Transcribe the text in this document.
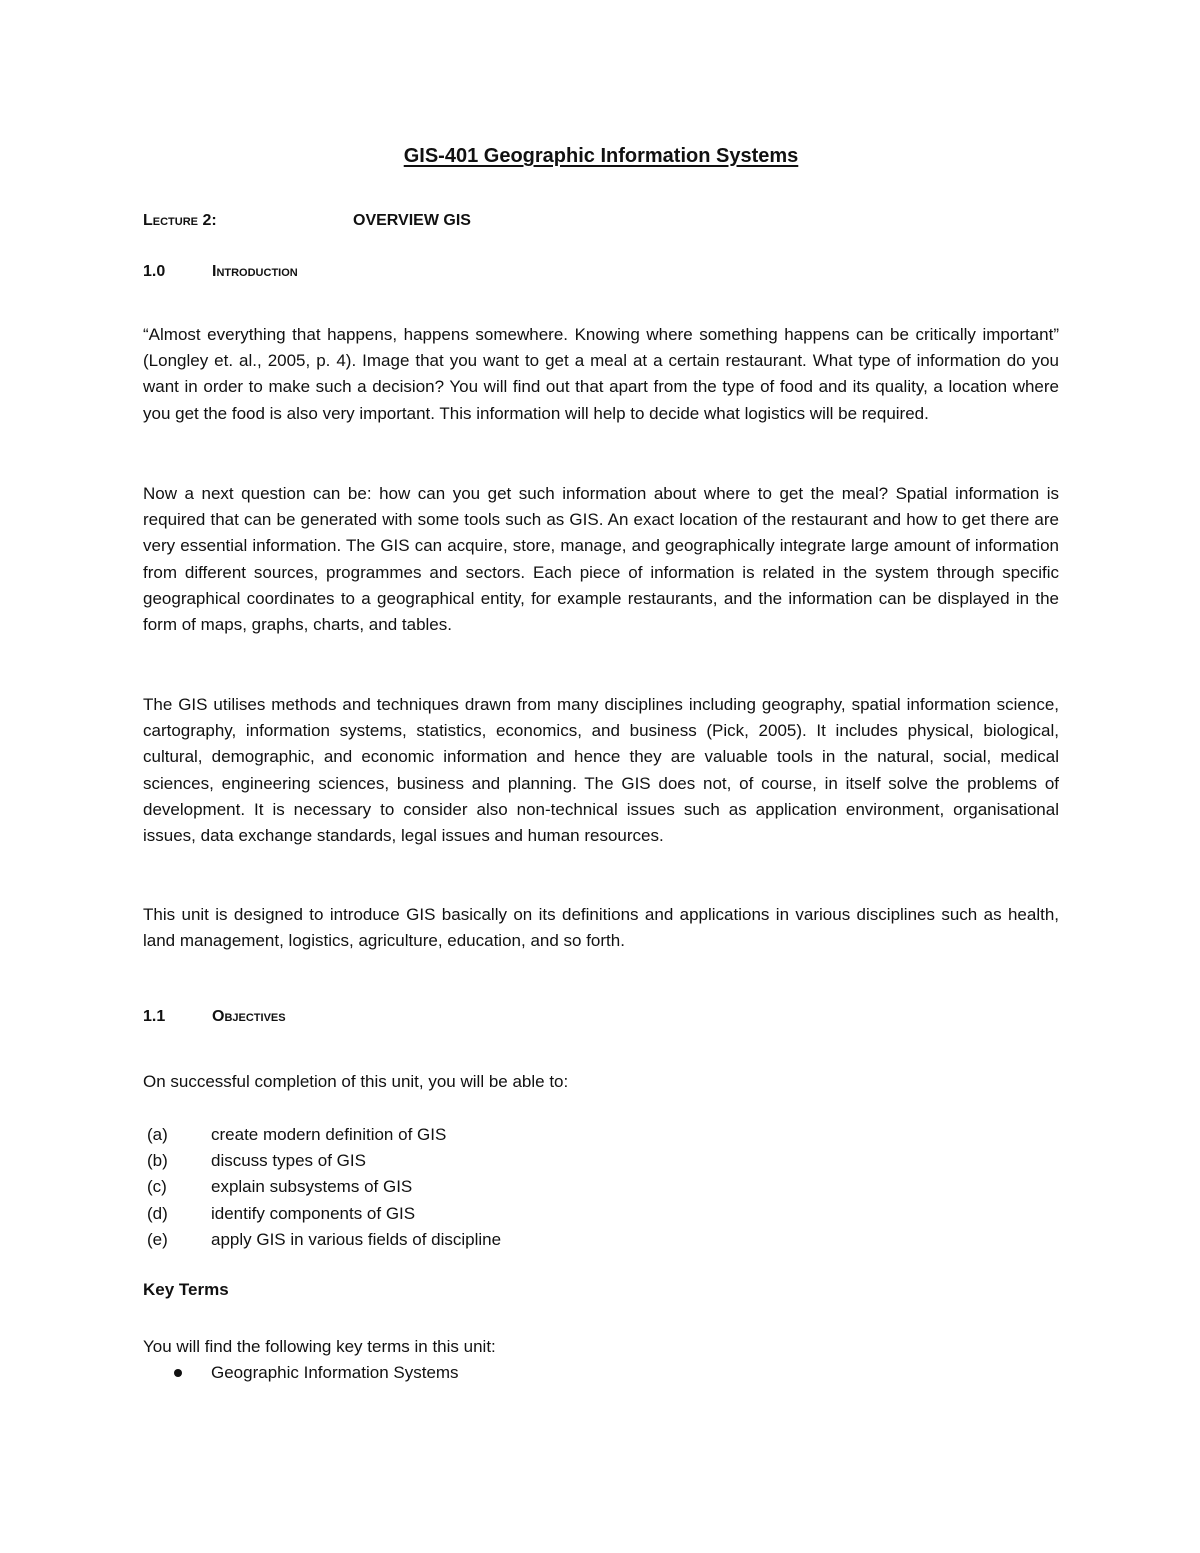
GIS-401 Geographic Information Systems
Lecture 2:	OVERVIEW GIS
1.0	Introduction
“Almost everything that happens, happens somewhere. Knowing where something happens can be critically important” (Longley et. al., 2005, p. 4). Image that you want to get a meal at a certain restaurant. What type of information do you want in order to make such a decision? You will find out that apart from the type of food and its quality, a location where you get the food is also very important. This information will help to decide what logistics will be required.
Now a next question can be: how can you get such information about where to get the meal? Spatial information is required that can be generated with some tools such as GIS. An exact location of the restaurant and how to get there are very essential information. The GIS can acquire, store, manage, and geographically integrate large amount of information from different sources, programmes and sectors. Each piece of information is related in the system through specific geographical coordinates to a geographical entity, for example restaurants, and the information can be displayed in the form of maps, graphs, charts, and tables.
The GIS utilises methods and techniques drawn from many disciplines including geography, spatial information science, cartography, information systems, statistics, economics, and business (Pick, 2005). It includes physical, biological, cultural, demographic, and economic information and hence they are valuable tools in the natural, social, medical sciences, engineering sciences, business and planning. The GIS does not, of course, in itself solve the problems of development. It is necessary to consider also non-technical issues such as application environment, organisational issues, data exchange standards, legal issues and human resources.
This unit is designed to introduce GIS basically on its definitions and applications in various disciplines such as health, land management, logistics, agriculture, education, and so forth.
1.1	Objectives
On successful completion of this unit, you will be able to:
(a)	create modern definition of GIS
(b)	discuss types of GIS
(c)	explain subsystems of GIS
(d)	identify components of GIS
(e)	apply GIS in various fields of discipline
Key Terms
You will find the following key terms in this unit:
Geographic Information Systems
